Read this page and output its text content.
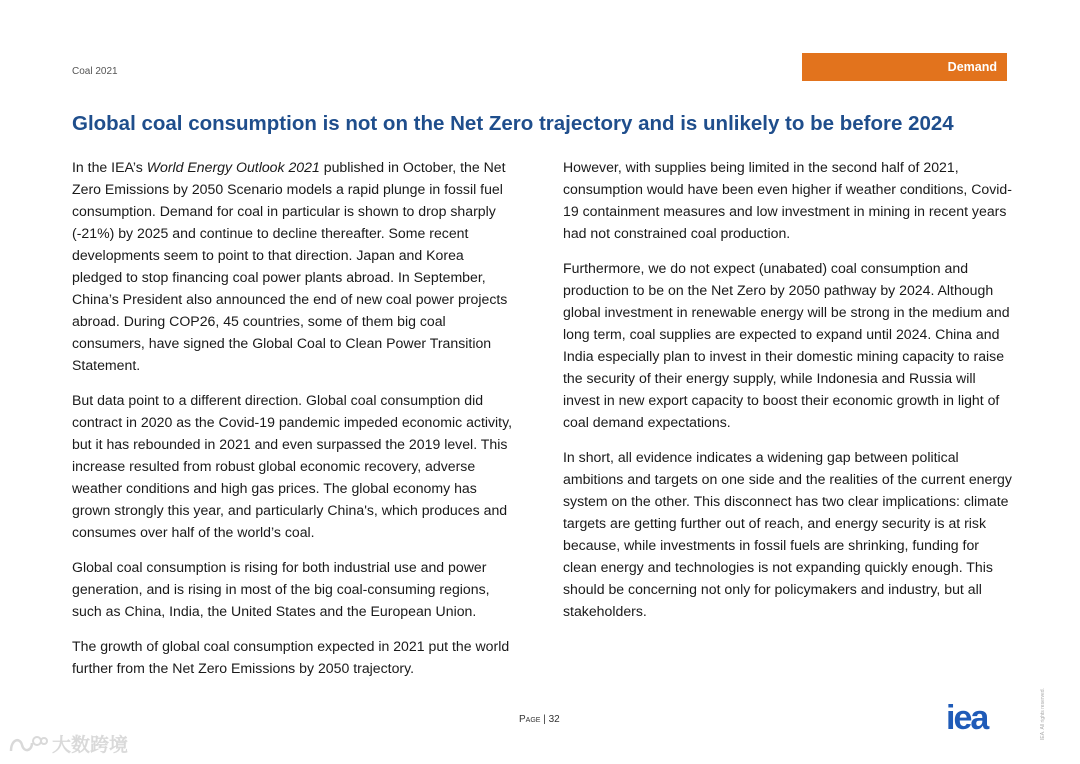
Coal 2021	Demand
Global coal consumption is not on the Net Zero trajectory and is unlikely to be before 2024

In the IEA’s World Energy Outlook 2021 published in October, the Net Zero Emissions by 2050 Scenario models a rapid plunge in fossil fuel consumption. Demand for coal in particular is shown to drop sharply (-21%) by 2025 and continue to decline thereafter. Some recent developments seem to point to that direction. Japan and Korea pledged to stop financing coal power plants abroad. In September, China’s President also announced the end of new coal power projects abroad. During COP26, 45 countries, some of them big coal consumers, have signed the Global Coal to Clean Power Transition Statement.

But data point to a different direction. Global coal consumption did contract in 2020 as the Covid-19 pandemic impeded economic activity, but it has rebounded in 2021 and even surpassed the 2019 level. This increase resulted from robust global economic recovery, adverse weather conditions and high gas prices. The global economy has grown strongly this year, and particularly China's, which produces and consumes over half of the world’s coal.

Global coal consumption is rising for both industrial use and power generation, and is rising in most of the big coal-consuming regions, such as China, India, the United States and the European Union.

The growth of global coal consumption expected in 2021 put the world further from the Net Zero Emissions by 2050 trajectory.

However, with supplies being limited in the second half of 2021, consumption would have been even higher if weather conditions, Covid-19 containment measures and low investment in mining in recent years had not constrained coal production.

Furthermore, we do not expect (unabated) coal consumption and production to be on the Net Zero by 2050 pathway by 2024. Although global investment in renewable energy will be strong in the medium and long term, coal supplies are expected to expand until 2024. China and India especially plan to invest in their domestic mining capacity to raise the security of their energy supply, while Indonesia and Russia will invest in new export capacity to boost their economic growth in light of coal demand expectations.

In short, all evidence indicates a widening gap between political ambitions and targets on one side and the realities of the current energy system on the other. This disconnect has two clear implications: climate targets are getting further out of reach, and energy security is at risk because, while investments in fossil fuels are shrinking, funding for clean energy and technologies is not expanding quickly enough. This should be concerning not only for policymakers and industry, but all stakeholders.

Page | 32	iea	IEA. All rights reserved.
大数跨境
